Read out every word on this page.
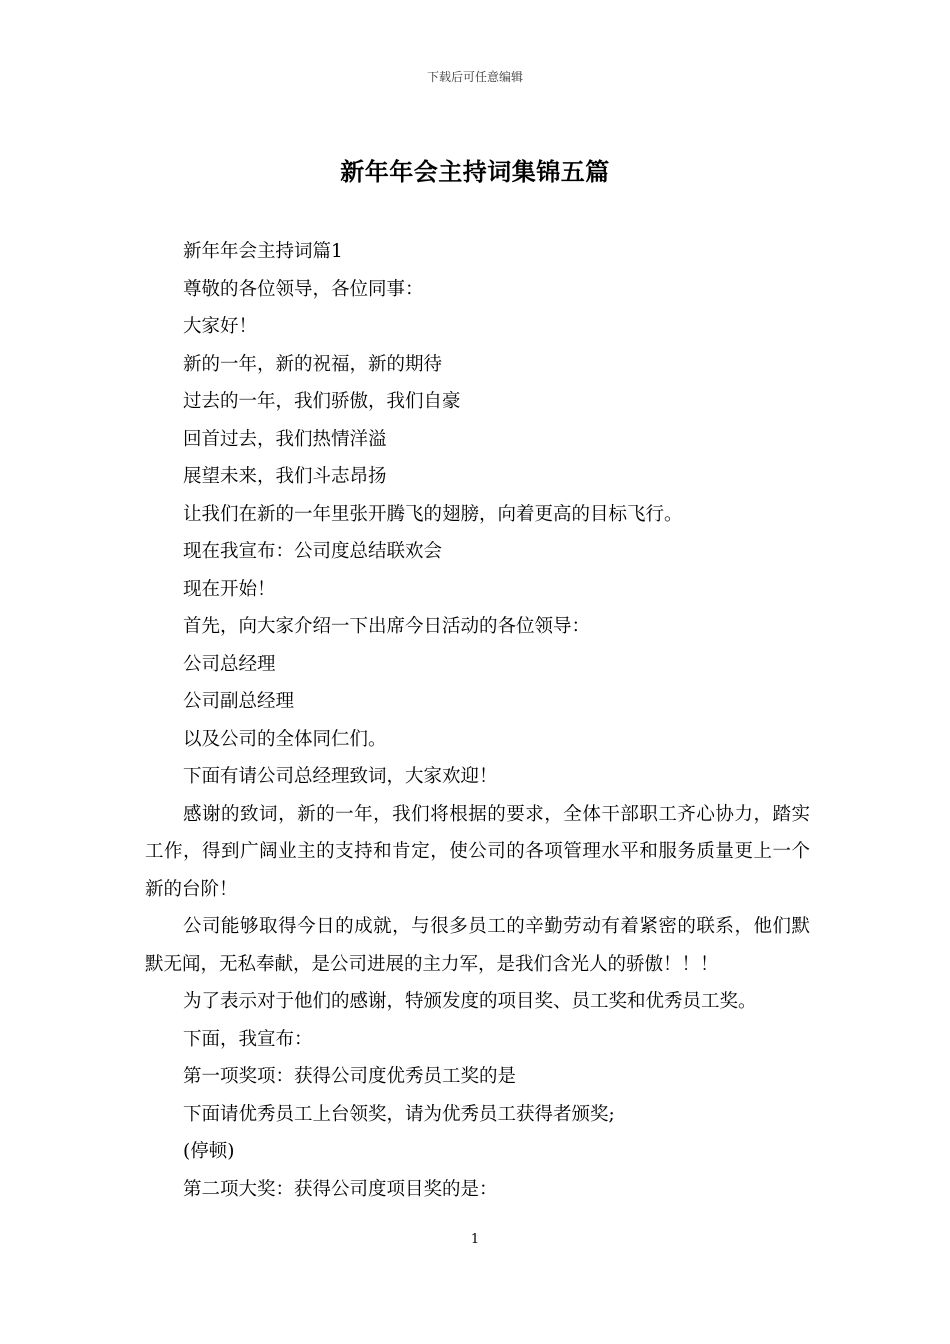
下载后可任意编辑
新年年会主持词集锦五篇

新年年会主持词篇1

尊敬的各位领导，各位同事：

大家好！

新的一年，新的祝福，新的期待

过去的一年，我们骄傲，我们自豪

回首过去，我们热情洋溢

展望未来，我们斗志昂扬

让我们在新的一年里张开腾飞的翅膀，向着更高的目标飞行。

现在我宣布：公司度总结联欢会

现在开始！

首先，向大家介绍一下出席今日活动的各位领导：

公司总经理

公司副总经理

以及公司的全体同仁们。

下面有请公司总经理致词，大家欢迎！

感谢的致词，新的一年，我们将根据的要求，全体干部职工齐心协力，踏实工作，得到广阔业主的支持和肯定，使公司的各项管理水平和服务质量更上一个新的台阶！

公司能够取得今日的成就，与很多员工的辛勤劳动有着紧密的联系，他们默默无闻，无私奉献，是公司进展的主力军，是我们含光人的骄傲！！！

为了表示对于他们的感谢，特颁发度的项目奖、员工奖和优秀员工奖。

下面，我宣布：

第一项奖项：获得公司度优秀员工奖的是

下面请优秀员工上台领奖，请为优秀员工获得者颁奖;

(停顿)

第二项大奖：获得公司度项目奖的是：

1
